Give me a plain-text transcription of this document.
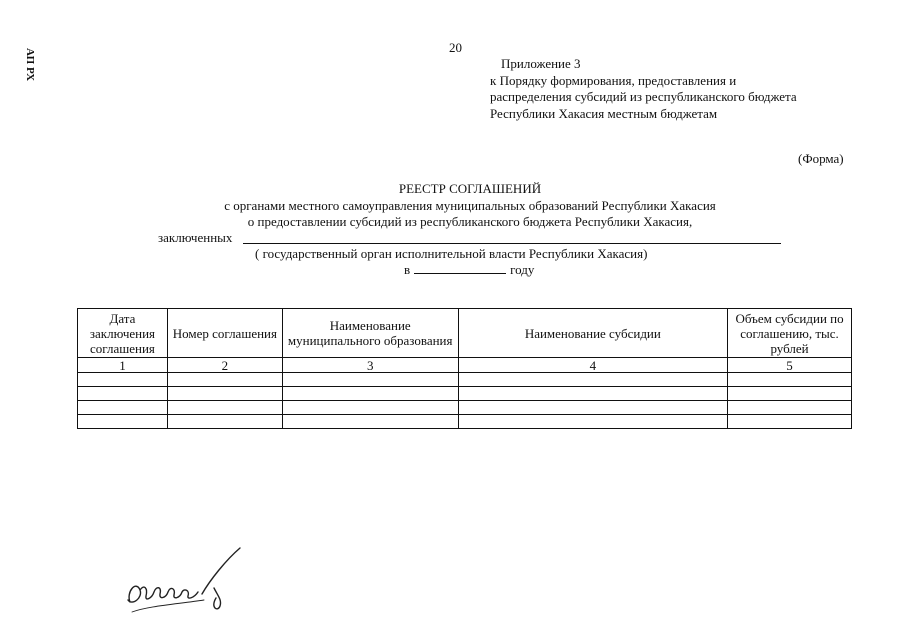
20
АП РХ	Приложение 3
к Порядку формирования, предоставления и
распределения субсидий из республиканского бюджета
Республики Хакасия местным бюджетам
(Форма)
РЕЕСТР СОГЛАШЕНИЙ
с органами местного самоуправления муниципальных образований Республики Хакасия
о предоставлении субсидий из республиканского бюджета Республики Хакасия,
заключенных
( государственный орган исполнительной власти Республики Хакасия)
в	году
Дата заключения соглашения	Номер соглашения	Наименование муниципального образования	Наименование субсидии	Объем субсидии по соглашению, тыс. рублей
1	2	3	4	5
